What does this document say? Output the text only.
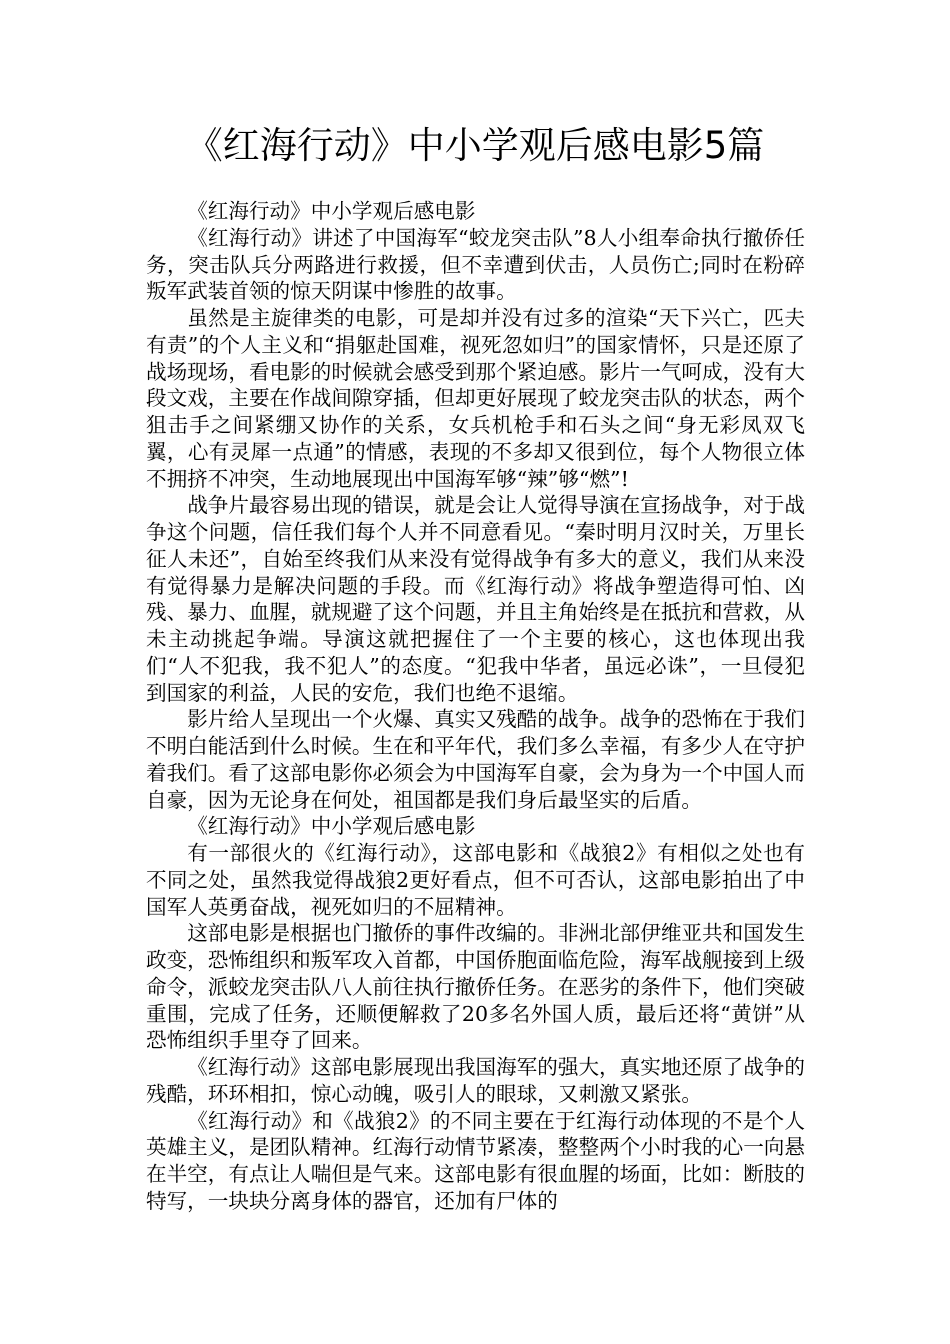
《红海行动》中小学观后感电影5篇

《红海行动》中小学观后感电影

《红海行动》讲述了中国海军“蛟龙突击队”8人小组奉命执行撤侨任务，突击队兵分两路进行救援，但不幸遭到伏击，人员伤亡;同时在粉碎叛军武装首领的惊天阴谋中惨胜的故事。

虽然是主旋律类的电影，可是却并没有过多的渲染“天下兴亡，匹夫有责”的个人主义和“捐躯赴国难，视死忽如归”的国家情怀，只是还原了战场现场，看电影的时候就会感受到那个紧迫感。影片一气呵成，没有大段文戏，主要在作战间隙穿插，但却更好展现了蛟龙突击队的状态，两个狙击手之间紧绷又协作的关系，女兵机枪手和石头之间“身无彩凤双飞翼，心有灵犀一点通”的情感，表现的不多却又很到位，每个人物很立体不拥挤不冲突，生动地展现出中国海军够“辣”够“燃”!

战争片最容易出现的错误，就是会让人觉得导演在宣扬战争，对于战争这个问题，信任我们每个人并不同意看见。“秦时明月汉时关，万里长征人未还”，自始至终我们从来没有觉得战争有多大的意义，我们从来没有觉得暴力是解决问题的手段。而《红海行动》将战争塑造得可怕、凶残、暴力、血腥，就规避了这个问题，并且主角始终是在抵抗和营救，从未主动挑起争端。导演这就把握住了一个主要的核心，这也体现出我们“人不犯我，我不犯人”的态度。“犯我中华者，虽远必诛”，一旦侵犯到国家的利益，人民的安危，我们也绝不退缩。

影片给人呈现出一个火爆、真实又残酷的战争。战争的恐怖在于我们不明白能活到什么时候。生在和平年代，我们多么幸福，有多少人在守护着我们。看了这部电影你必须会为中国海军自豪，会为身为一个中国人而自豪，因为无论身在何处，祖国都是我们身后最坚实的后盾。

《红海行动》中小学观后感电影

有一部很火的《红海行动》，这部电影和《战狼2》有相似之处也有不同之处，虽然我觉得战狼2更好看点，但不可否认，这部电影拍出了中国军人英勇奋战，视死如归的不屈精神。

这部电影是根据也门撤侨的事件改编的。非洲北部伊维亚共和国发生政变，恐怖组织和叛军攻入首都，中国侨胞面临危险，海军战舰接到上级命令，派蛟龙突击队八人前往执行撤侨任务。在恶劣的条件下，他们突破重围，完成了任务，还顺便解救了20多名外国人质，最后还将“黄饼”从恐怖组织手里夺了回来。

《红海行动》这部电影展现出我国海军的强大，真实地还原了战争的残酷，环环相扣，惊心动魄，吸引人的眼球，又刺激又紧张。

《红海行动》和《战狼2》的不同主要在于红海行动体现的不是个人英雄主义，是团队精神。红海行动情节紧凑，整整两个小时我的心一向悬在半空，有点让人喘但是气来。这部电影有很血腥的场面，比如：断肢的特写，一块块分离身体的器官，还加有尸体的
